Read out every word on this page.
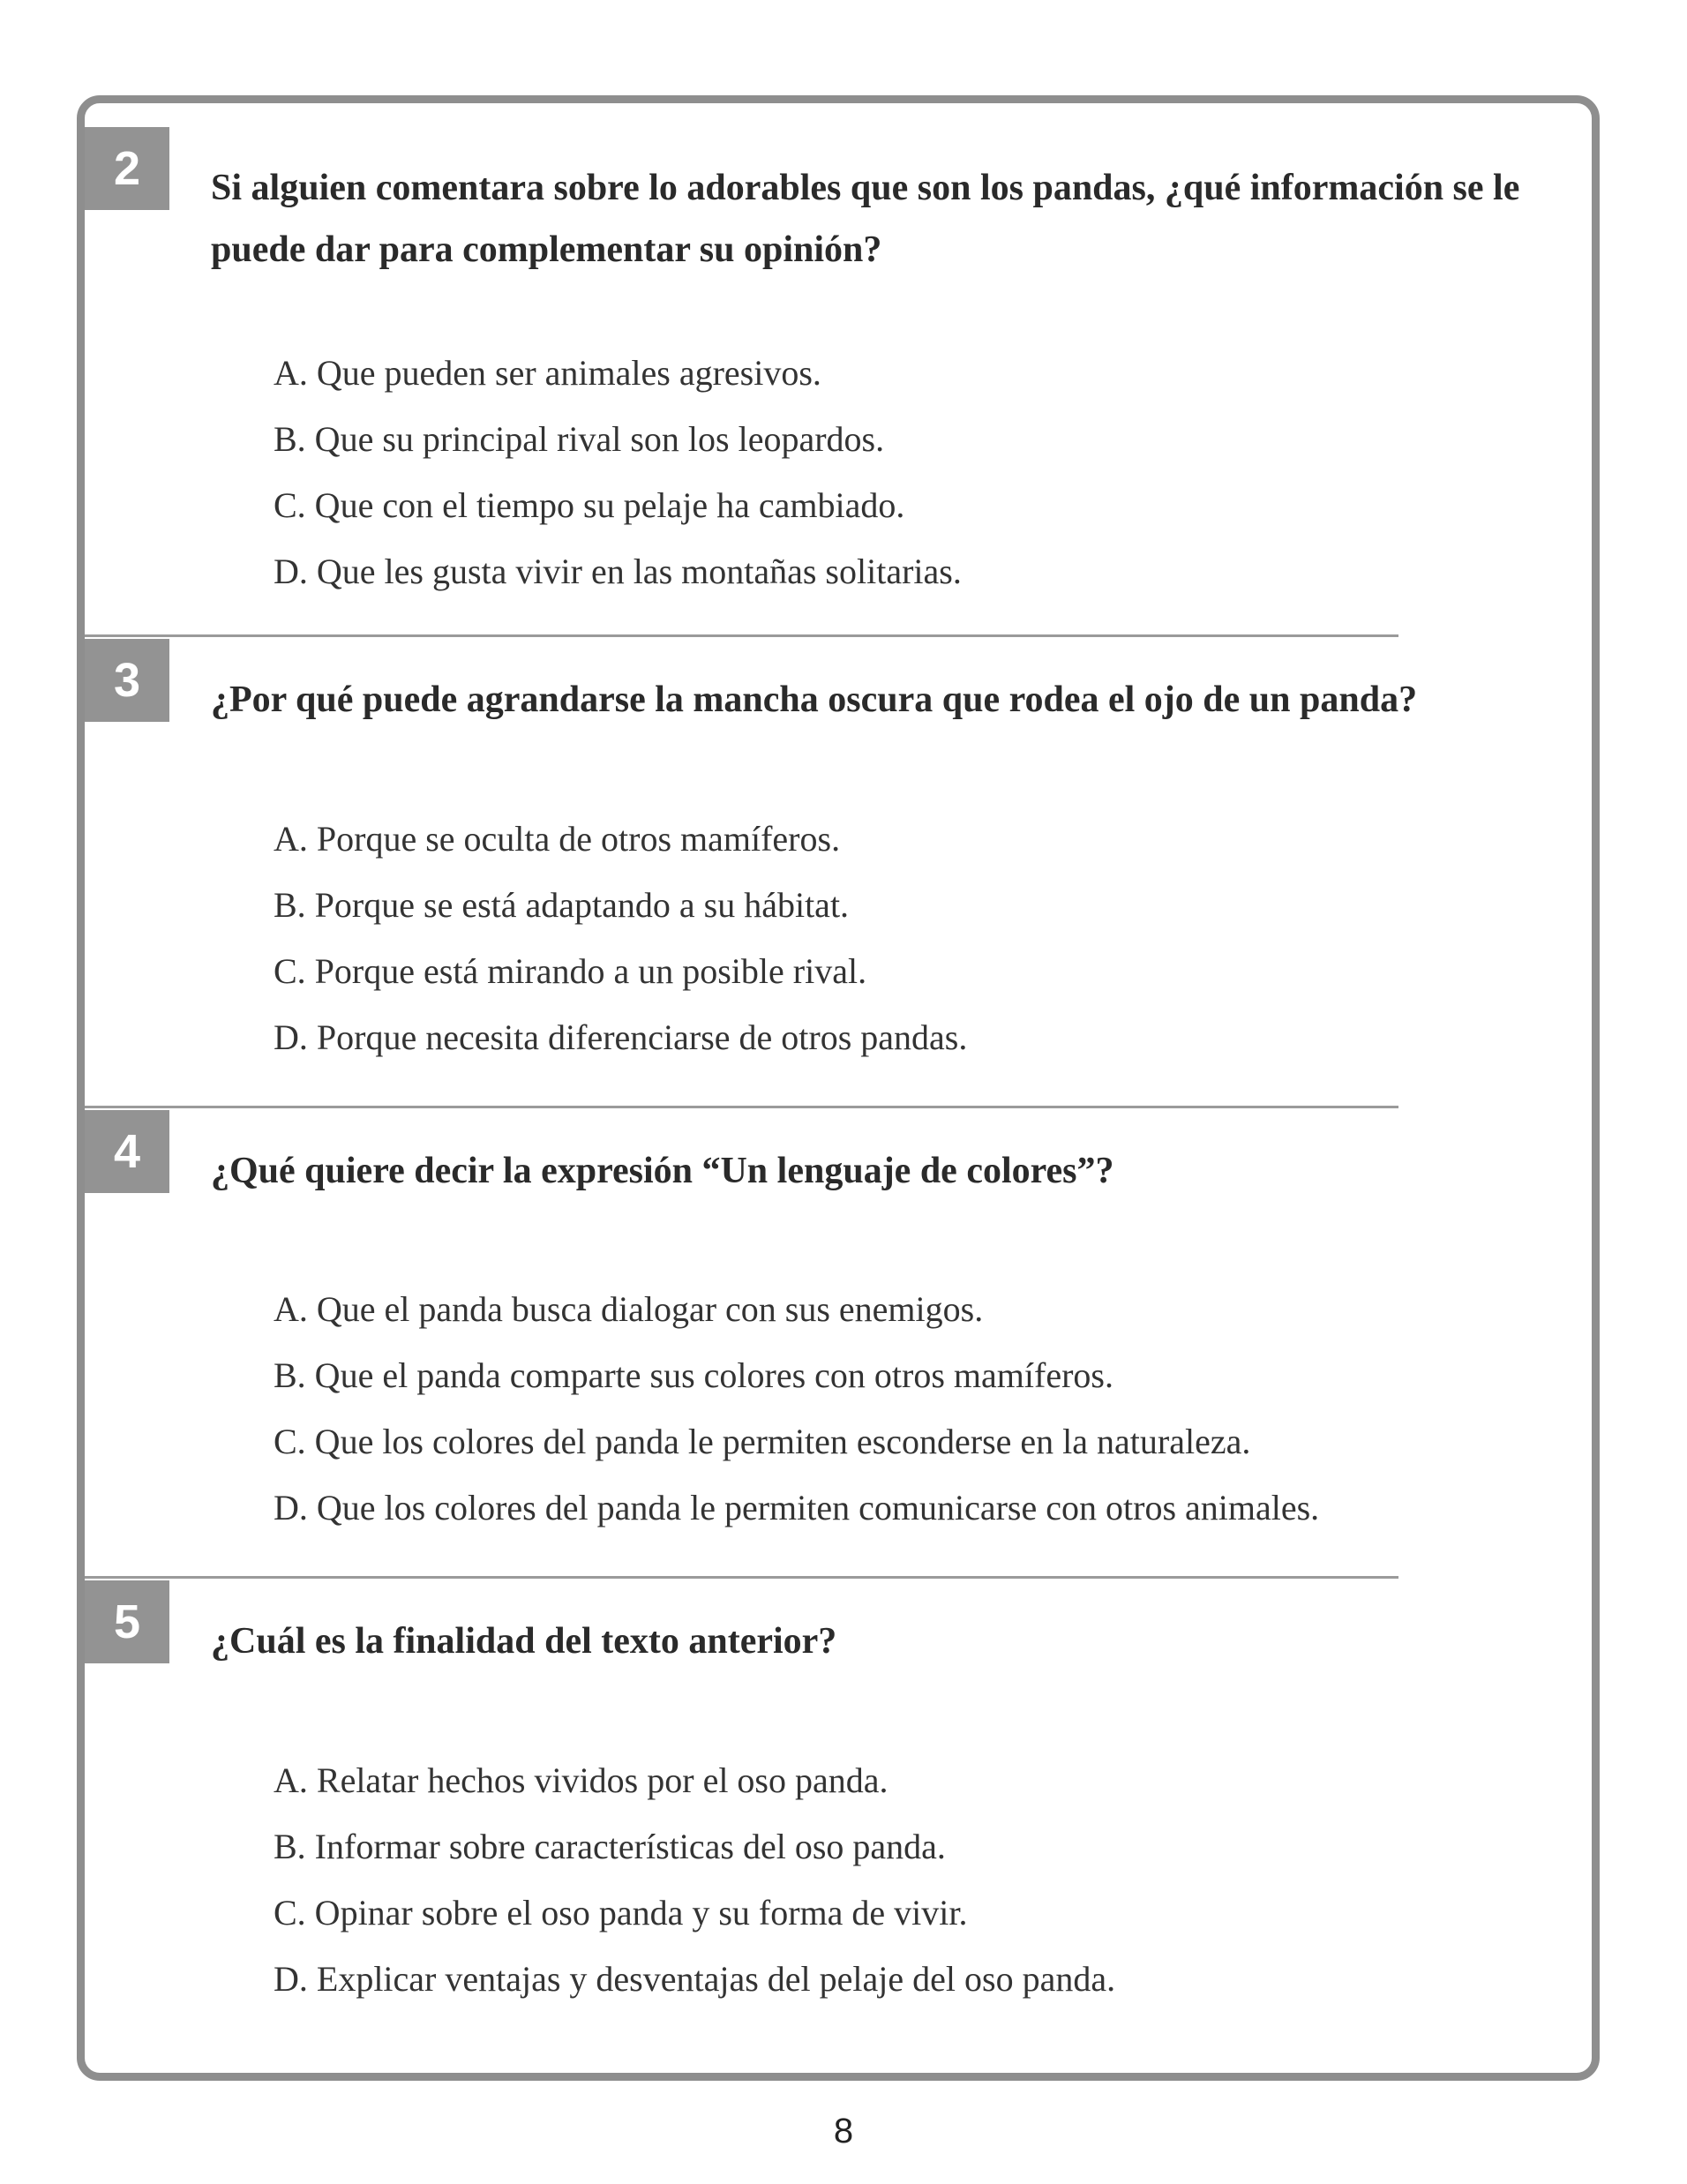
2	Si alguien comentara sobre lo adorables que son los pandas, ¿qué información se le puede dar para complementar su opinión?

A. Que pueden ser animales agresivos.
B. Que su principal rival son los leopardos.
C. Que con el tiempo su pelaje ha cambiado.
D. Que les gusta vivir en las montañas solitarias.
3	¿Por qué puede agrandarse la mancha oscura que rodea el ojo de un panda?

A. Porque se oculta de otros mamíferos.
B. Porque se está adaptando a su hábitat.
C. Porque está mirando a un posible rival.
D. Porque necesita diferenciarse de otros pandas.
4	¿Qué quiere decir la expresión “Un lenguaje de colores”?

A. Que el panda busca dialogar con sus enemigos.
B. Que el panda comparte sus colores con otros mamíferos.
C. Que los colores del panda le permiten esconderse en la naturaleza.
D. Que los colores del panda le permiten comunicarse con otros animales.
5	¿Cuál es la finalidad del texto anterior?

A. Relatar hechos vividos por el oso panda.
B. Informar sobre características del oso panda.
C. Opinar sobre el oso panda y su forma de vivir.
D. Explicar ventajas y desventajas del pelaje del oso panda.
8
